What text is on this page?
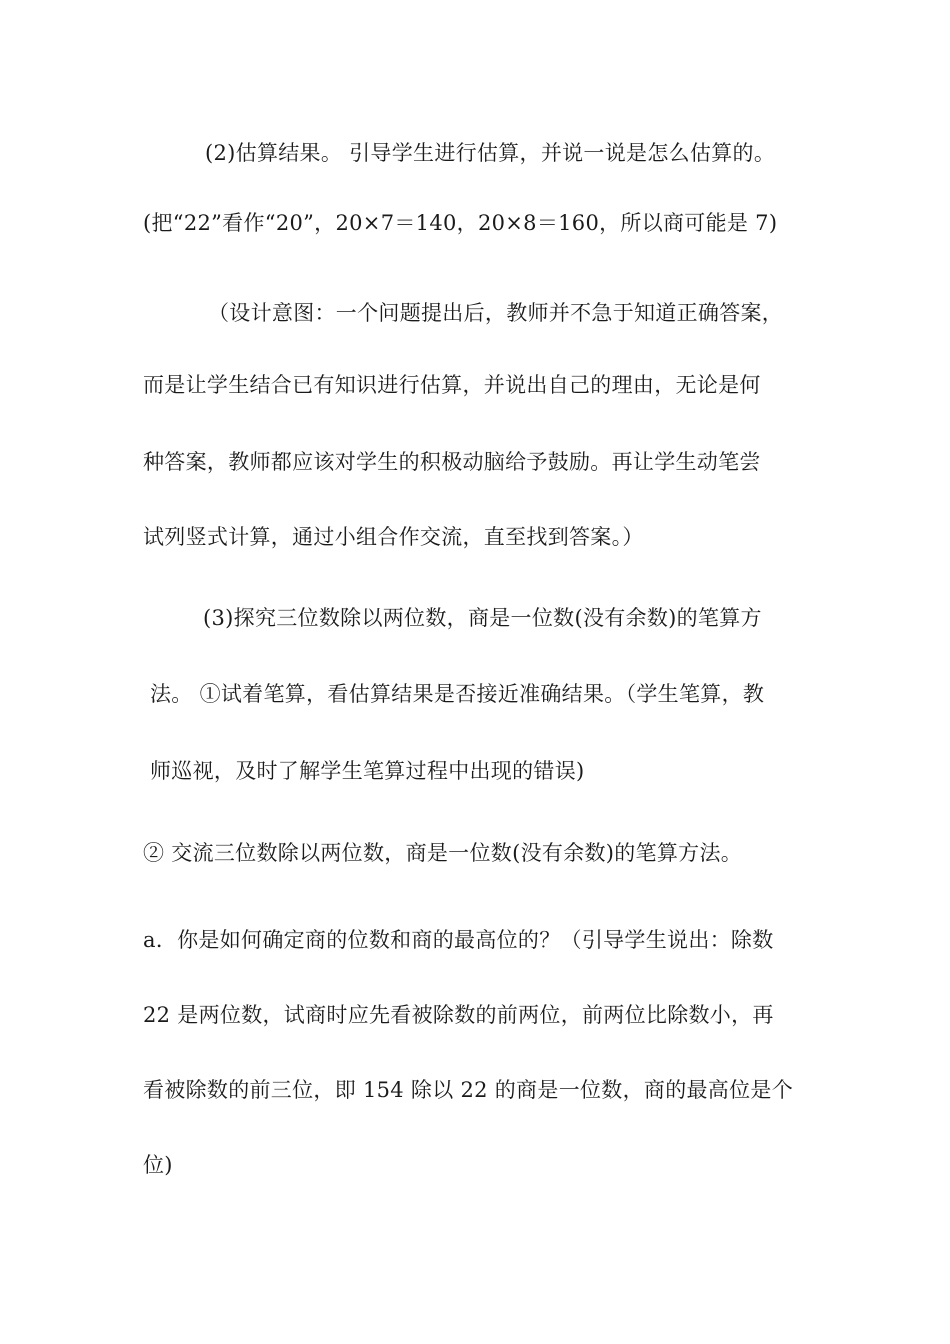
(2)估算结果。 引导学生进行估算，并说一说是怎么估算的。
(把“22”看作“20”，20×7＝140，20×8＝160，所以商可能是 7)
（设计意图：一个问题提出后，教师并不急于知道正确答案，
而是让学生结合已有知识进行估算，并说出自己的理由，无论是何
种答案，教师都应该对学生的积极动脑给予鼓励。再让学生动笔尝
试列竖式计算，通过小组合作交流，直至找到答案。）
(3)探究三位数除以两位数，商是一位数(没有余数)的笔算方
法。 ①试着笔算，看估算结果是否接近准确结果。（学生笔算，教
师巡视，及时了解学生笔算过程中出现的错误)
② 交流三位数除以两位数，商是一位数(没有余数)的笔算方法。
a．你是如何确定商的位数和商的最高位的？（引导学生说出：除数
22 是两位数，试商时应先看被除数的前两位，前两位比除数小，再
看被除数的前三位，即 154 除以 22 的商是一位数，商的最高位是个
位)
